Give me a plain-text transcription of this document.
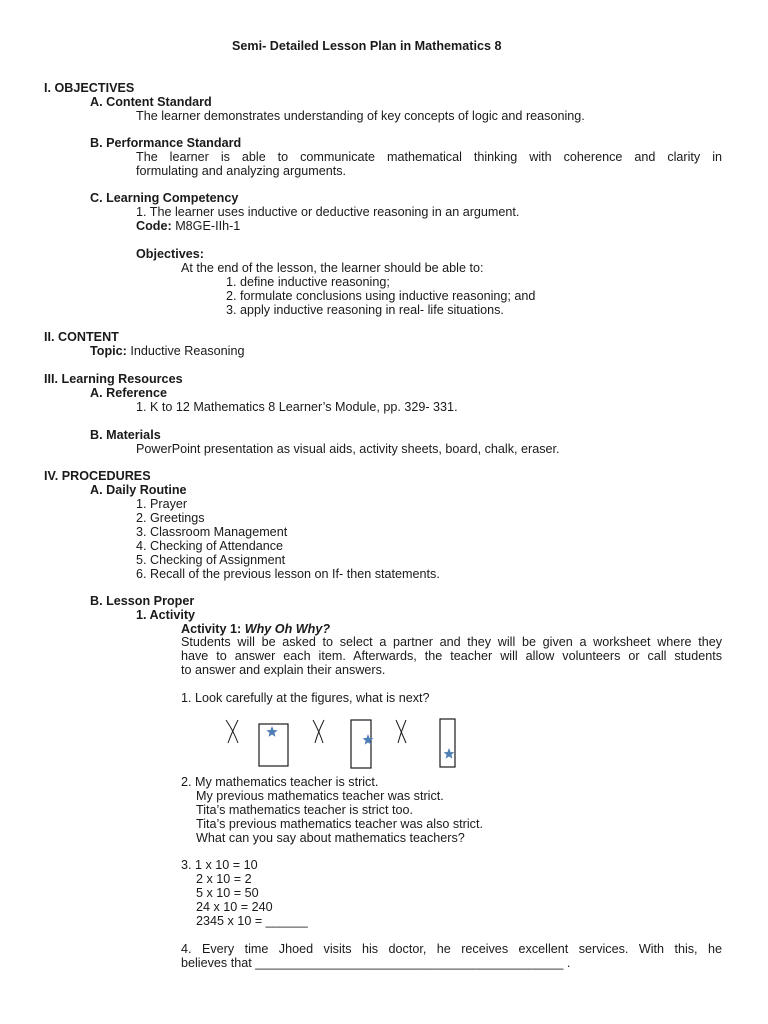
Semi- Detailed Lesson Plan in Mathematics 8
I. OBJECTIVES
A. Content Standard
The learner demonstrates understanding of key concepts of logic and reasoning.
B. Performance Standard
The learner is able to communicate mathematical thinking with coherence and clarity in
formulating and analyzing arguments.
C. Learning Competency
1. The learner uses inductive or deductive reasoning in an argument.
Code: M8GE-IIh-1
Objectives:
At the end of the lesson, the learner should be able to:
1. define inductive reasoning;
2. formulate conclusions using inductive reasoning; and
3. apply inductive reasoning in real- life situations.
II. CONTENT
Topic: Inductive Reasoning
III. Learning Resources
A. Reference
1. K to 12 Mathematics 8 Learner’s Module, pp. 329- 331.
B. Materials
PowerPoint presentation as visual aids, activity sheets, board, chalk, eraser.
IV. PROCEDURES
A. Daily Routine
1. Prayer
2. Greetings
3. Classroom Management
4. Checking of Attendance
5. Checking of Assignment
6. Recall of the previous lesson on If- then statements.
B. Lesson Proper
1. Activity
Activity 1: Why Oh Why?
Students will be asked to select a partner and they will be given a worksheet where they
have to answer each item. Afterwards, the teacher will allow volunteers or call students
to answer and explain their answers.
1. Look carefully at the figures, what is next?
2. My mathematics teacher is strict.
My previous mathematics teacher was strict.
Tita’s mathematics teacher is strict too.
Tita’s previous mathematics teacher was also strict.
What can you say about mathematics teachers?
3. 1 x 10 = 10
2 x 10 = 2
5 x 10 = 50
24 x 10 = 240
2345 x 10 = ______
4. Every time Jhoed visits his doctor, he receives excellent services. With this, he
believes that ____________________________________________ .
